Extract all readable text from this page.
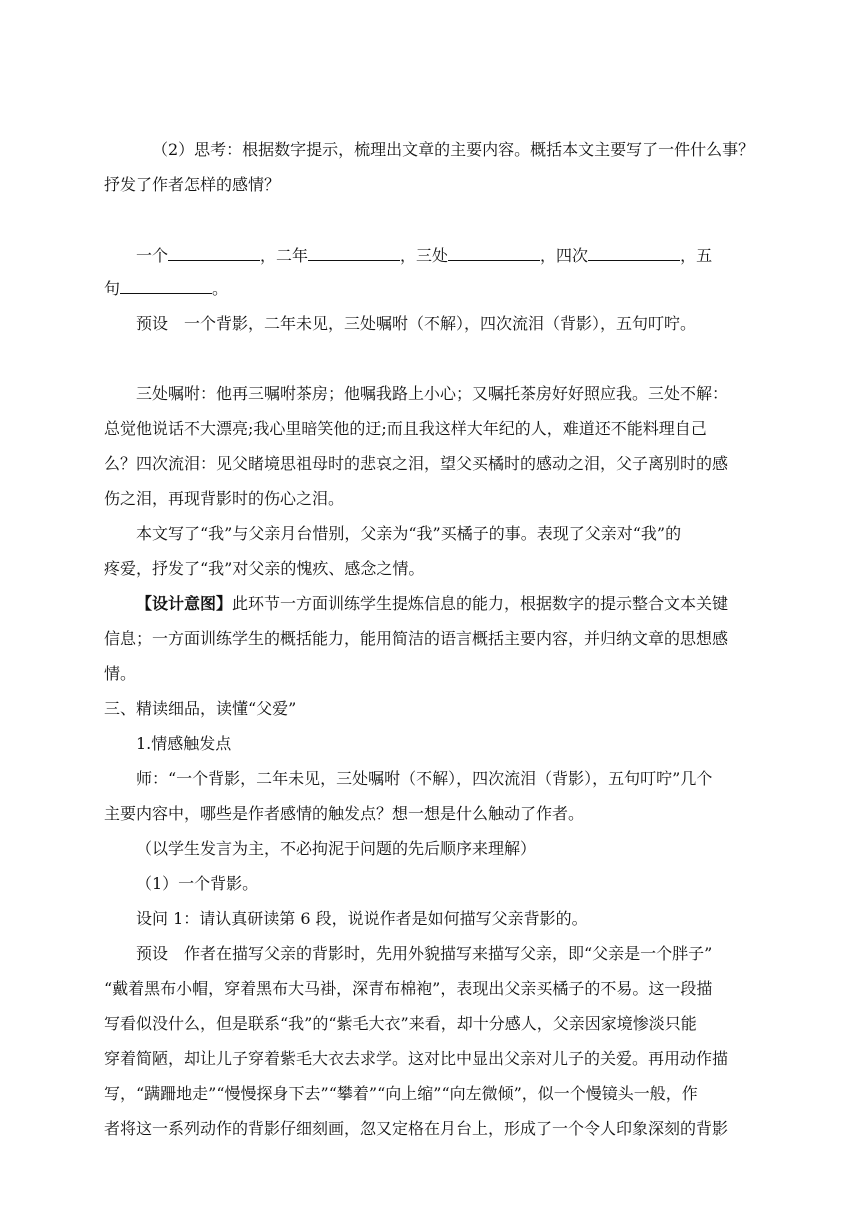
（2）思考：根据数字提示，梳理出文章的主要内容。概括本文主要写了一件什么事？
抒发了作者怎样的感情？
一个	，二年	，三处	，四次	，五
句	。
预设　一个背影，二年未见，三处嘱咐（不解），四次流泪（背影），五句叮咛。
三处嘱咐：他再三嘱咐茶房；他嘱我路上小心；又嘱托茶房好好照应我。三处不解：
总觉他说话不大漂亮;我心里暗笑他的迂;而且我这样大年纪的人，难道还不能料理自己
么？四次流泪：见父睹境思祖母时的悲哀之泪，望父买橘时的感动之泪，父子离别时的感
伤之泪，再现背影时的伤心之泪。
本文写了“我”与父亲月台惜别，父亲为“我”买橘子的事。表现了父亲对“我”的
疼爱，抒发了“我”对父亲的愧疚、感念之情。
【设计意图】此环节一方面训练学生提炼信息的能力，根据数字的提示整合文本关键
信息；一方面训练学生的概括能力，能用简洁的语言概括主要内容，并归纳文章的思想感
情。
三、精读细品，读懂“父爱”
1.情感触发点
师：“一个背影，二年未见，三处嘱咐（不解），四次流泪（背影），五句叮咛”几个
主要内容中，哪些是作者感情的触发点？想一想是什么触动了作者。
（以学生发言为主，不必拘泥于问题的先后顺序来理解）
（1）一个背影。
设问 1：请认真研读第 6 段，说说作者是如何描写父亲背影的。
预设　作者在描写父亲的背影时，先用外貌描写来描写父亲，即“父亲是一个胖子”
“戴着黑布小帽，穿着黑布大马褂，深青布棉袍”，表现出父亲买橘子的不易。这一段描
写看似没什么，但是联系“我”的“紫毛大衣”来看，却十分感人，父亲因家境惨淡只能
穿着简陋，却让儿子穿着紫毛大衣去求学。这对比中显出父亲对儿子的关爱。再用动作描
写，“蹒跚地走”“慢慢探身下去”“攀着”“向上缩”“向左微倾”，似一个慢镜头一般，作
者将这一系列动作的背影仔细刻画，忽又定格在月台上，形成了一个令人印象深刻的背影
